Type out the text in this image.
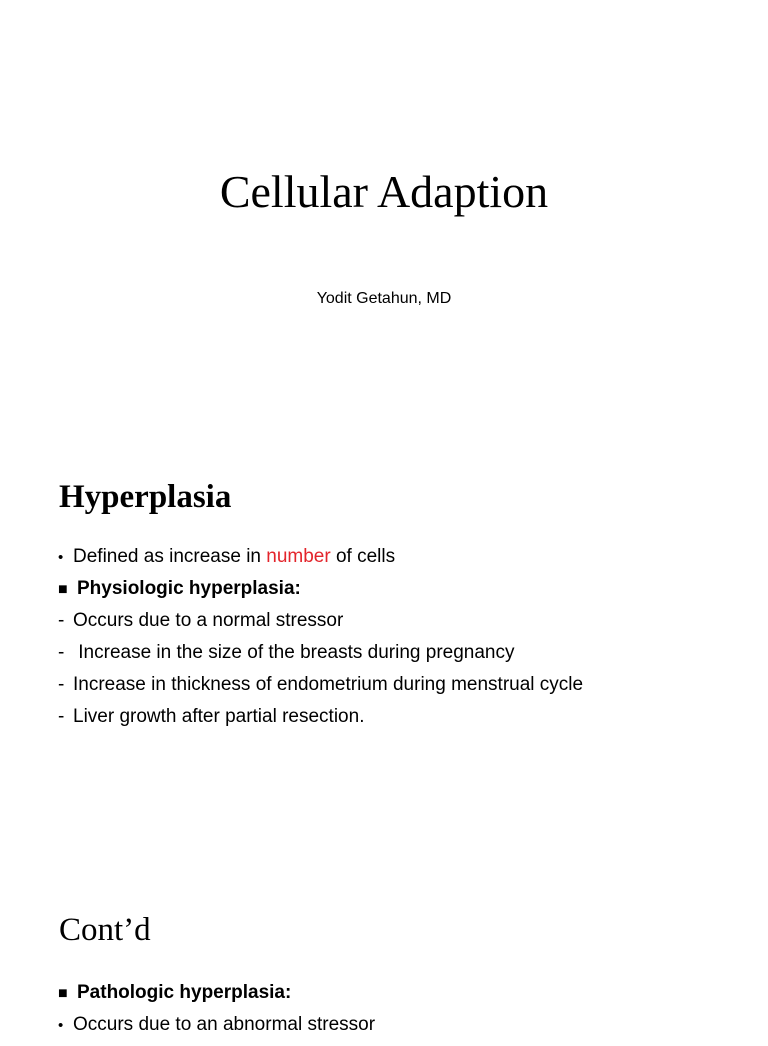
Cellular Adaption

Yodit Getahun, MD

Hyperplasia
• Defined as increase in number of cells
■ Physiologic hyperplasia:
- Occurs due to a normal stressor
- Increase in the size of the breasts during pregnancy
- Increase in thickness of endometrium during menstrual cycle
- Liver growth after partial resection.
Cont’d
■ Pathologic hyperplasia:
• Occurs due to an abnormal stressor
